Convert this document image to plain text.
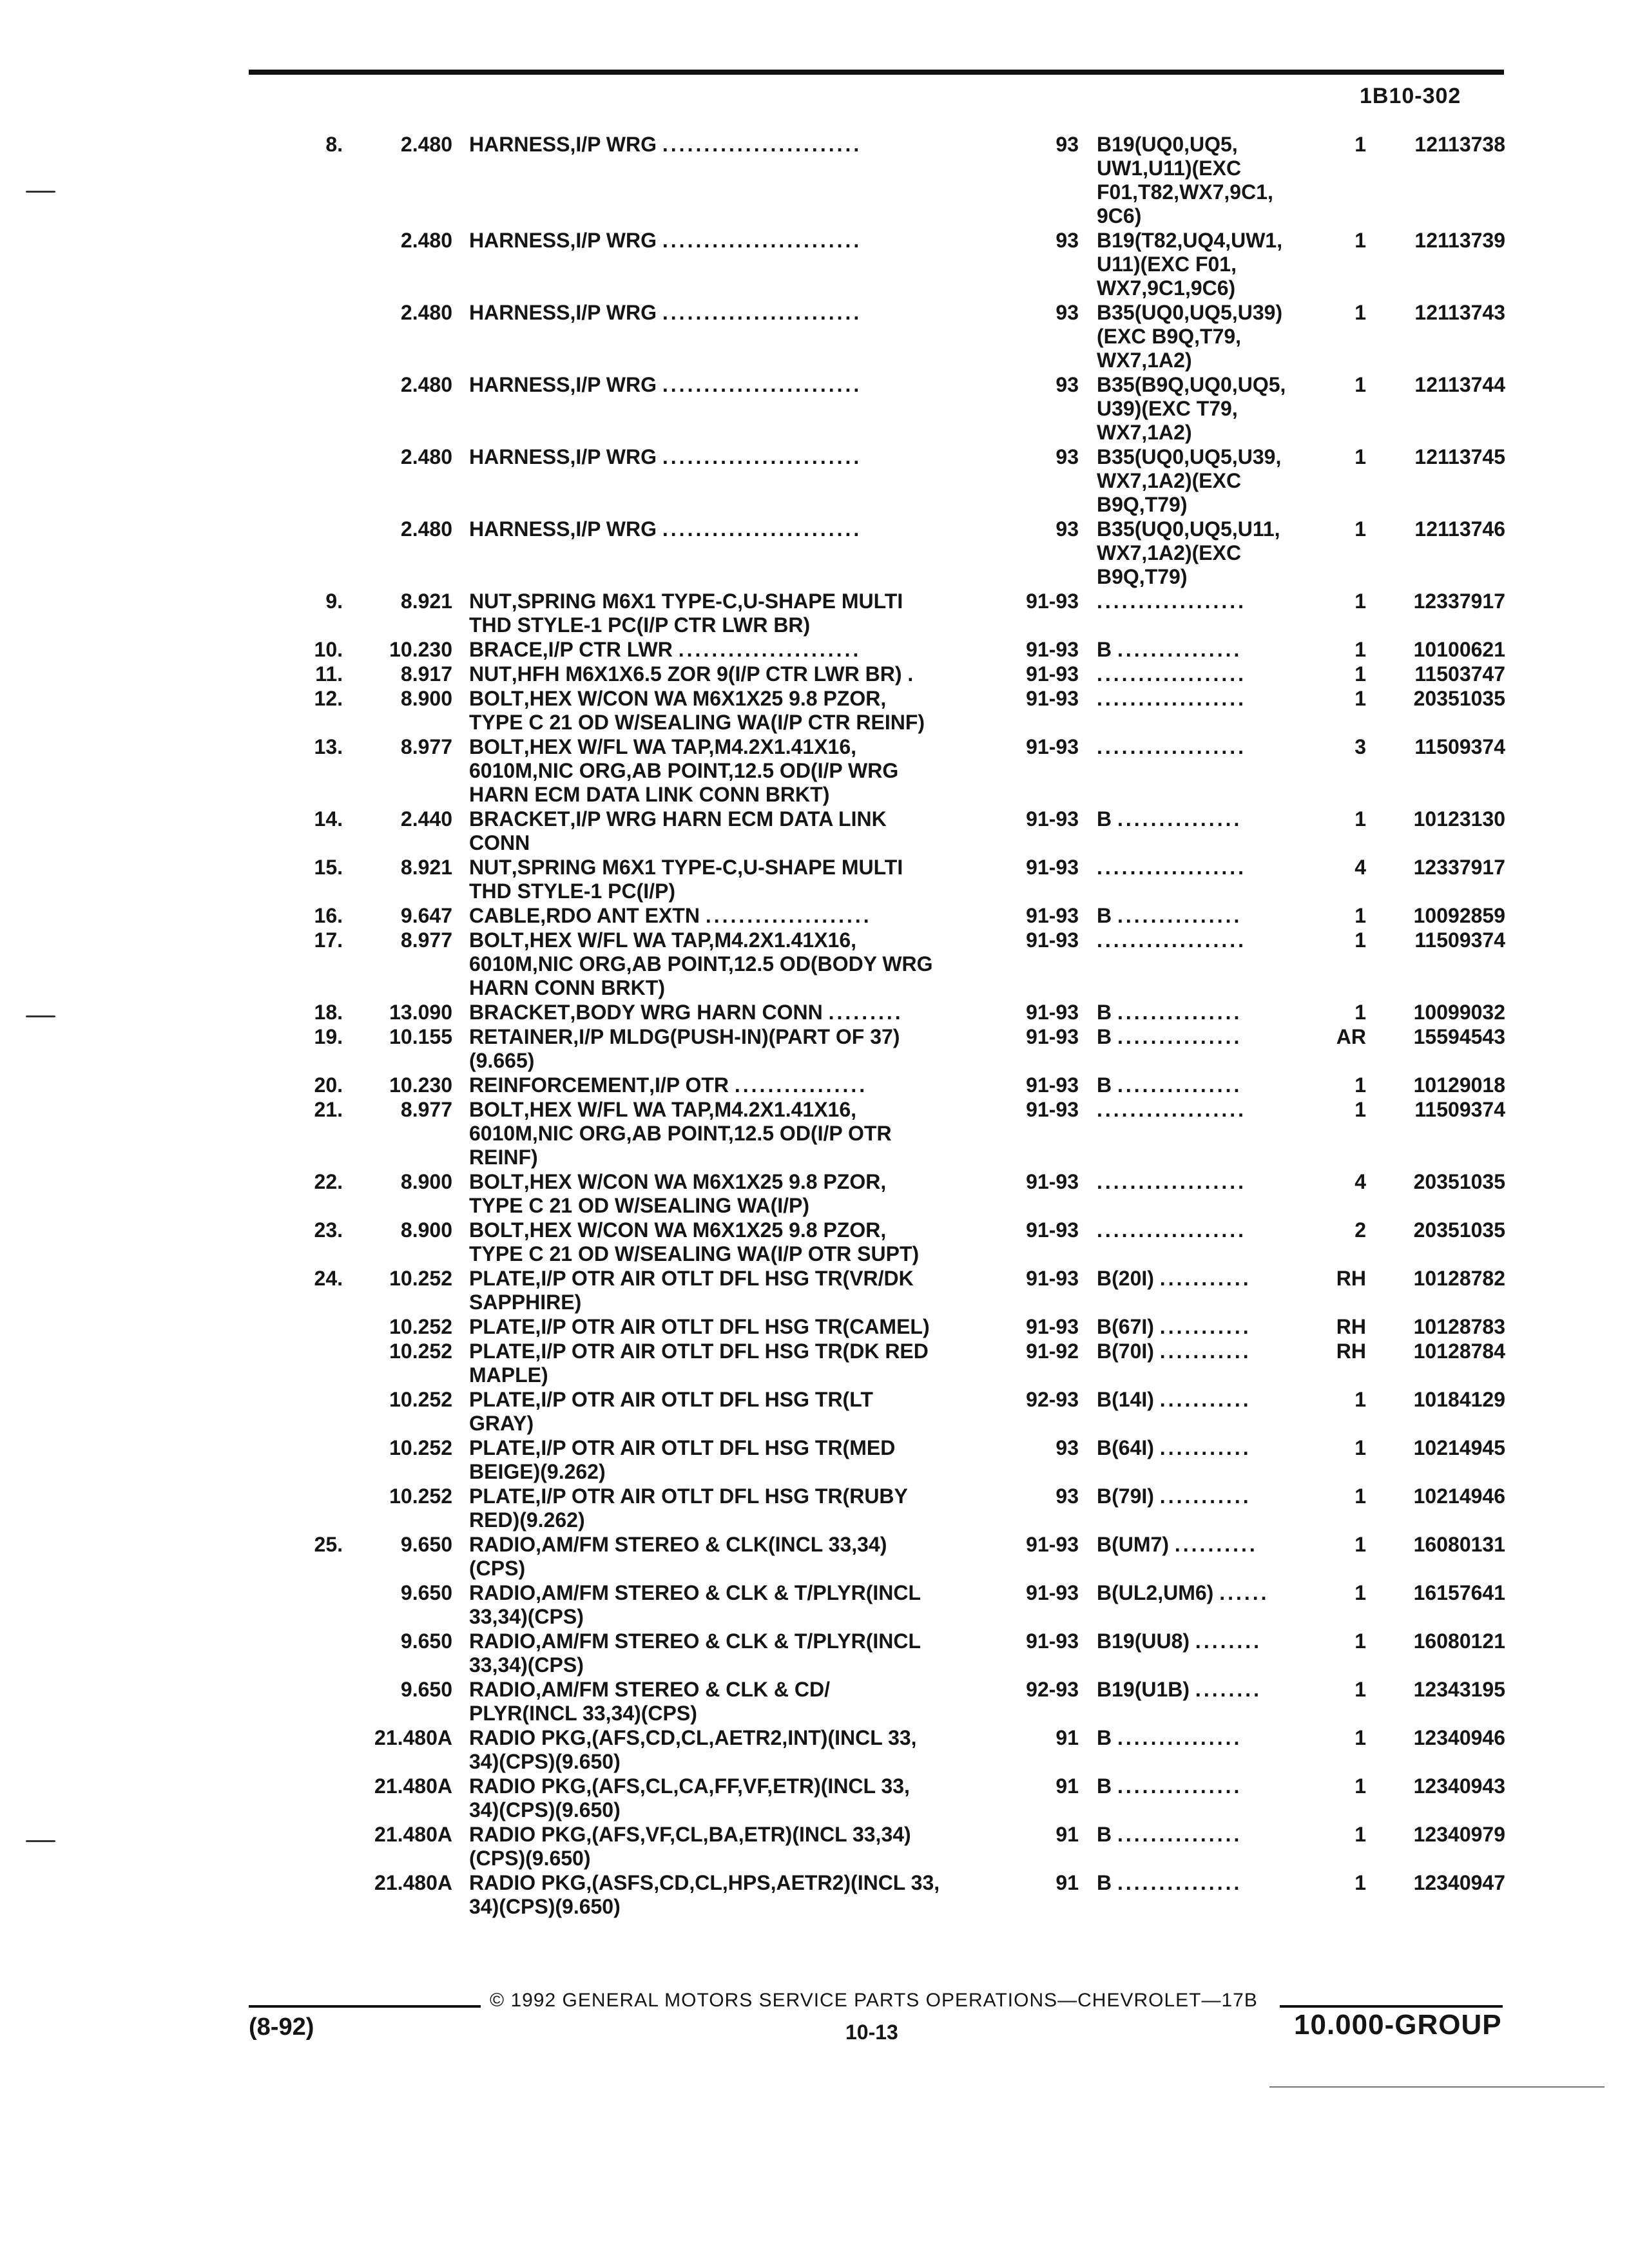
1B10-302
8.	2.480 HARNESS,I/P WRG ........................	93 B19(UQ0,UQ5,
UW1,U11)(EXC
F01,T82,WX7,9C1,
9C6)
1 12113738
2.480 HARNESS,I/P WRG ........................	93 B19(T82,UQ4,UW1,
U11)(EXC F01,
WX7,9C1,9C6)
1 12113739
2.480 HARNESS,I/P WRG ........................	93 B35(UQ0,UQ5,U39)
(EXC B9Q,T79,
WX7,1A2)
1 12113743
2.480 HARNESS,I/P WRG ........................	93 B35(B9Q,UQ0,UQ5,
U39)(EXC T79,
WX7,1A2)
1 12113744
2.480 HARNESS,I/P WRG ........................	93 B35(UQ0,UQ5,U39,
WX7,1A2)(EXC
B9Q,T79)
1 12113745
2.480 HARNESS,I/P WRG ........................	93 B35(UQ0,UQ5,U11,
WX7,1A2)(EXC
B9Q,T79)
1 12113746
9.	8.921 NUT,SPRING M6X1 TYPE-C,U-SHAPE MULTI
THD STYLE-1 PC(I/P CTR LWR BR)
91-93 ..................	1 12337917
10. 10.230 BRACE,I/P CTR LWR ......................	91-93 B ...............	1 10100621
11.	8.917 NUT,HFH M6X1X6.5 ZOR 9(I/P CTR LWR BR) .	91-93 ..................	1 11503747
12.	8.900 BOLT,HEX W/CON WA M6X1X25 9.8 PZOR,
TYPE C 21 OD W/SEALING WA(I/P CTR REINF)
91-93 ..................	1 20351035
13.	8.977 BOLT,HEX W/FL WA TAP,M4.2X1.41X16,
6010M,NIC ORG,AB POINT,12.5 OD(I/P WRG
HARN ECM DATA LINK CONN BRKT)
91-93 ..................	3 11509374
14.	2.440 BRACKET,I/P WRG HARN ECM DATA LINK
CONN
91-93 B ...............	1 10123130
15.	8.921 NUT,SPRING M6X1 TYPE-C,U-SHAPE MULTI
THD STYLE-1 PC(I/P)
91-93 ..................	4 12337917
16.	9.647 CABLE,RDO ANT EXTN ....................	91-93 B ...............	1 10092859
17.	8.977 BOLT,HEX W/FL WA TAP,M4.2X1.41X16,
6010M,NIC ORG,AB POINT,12.5 OD(BODY WRG
HARN CONN BRKT)
91-93 ..................	1 11509374
18. 13.090 BRACKET,BODY WRG HARN CONN .........	91-93 B ...............	1 10099032
19. 10.155 RETAINER,I/P MLDG(PUSH-IN)(PART OF 37)
(9.665)
91-93 B ...............	AR 15594543
20. 10.230 REINFORCEMENT,I/P OTR ................	91-93 B ...............	1 10129018
21.	8.977 BOLT,HEX W/FL WA TAP,M4.2X1.41X16,
6010M,NIC ORG,AB POINT,12.5 OD(I/P OTR
REINF)
91-93 ..................	1 11509374
22.	8.900 BOLT,HEX W/CON WA M6X1X25 9.8 PZOR,
TYPE C 21 OD W/SEALING WA(I/P)
91-93 ..................	4 20351035
23.	8.900 BOLT,HEX W/CON WA M6X1X25 9.8 PZOR,
TYPE C 21 OD W/SEALING WA(I/P OTR SUPT)
91-93 ..................	2 20351035
24. 10.252 PLATE,I/P OTR AIR OTLT DFL HSG TR(VR/DK
SAPPHIRE)
91-93 B(20I) ...........	RH 10128782
10.252 PLATE,I/P OTR AIR OTLT DFL HSG TR(CAMEL)	91-93 B(67I) ...........	RH 10128783
10.252 PLATE,I/P OTR AIR OTLT DFL HSG TR(DK RED
MAPLE)
91-92 B(70I) ...........	RH 10128784
10.252 PLATE,I/P OTR AIR OTLT DFL HSG TR(LT
GRAY)
92-93 B(14I) ...........	1 10184129
10.252 PLATE,I/P OTR AIR OTLT DFL HSG TR(MED
BEIGE)(9.262)
93 B(64I) ...........	1 10214945
10.252 PLATE,I/P OTR AIR OTLT DFL HSG TR(RUBY
RED)(9.262)
93 B(79I) ...........	1 10214946
25.	9.650 RADIO,AM/FM STEREO & CLK(INCL 33,34)
(CPS)
91-93 B(UM7) ..........	1 16080131
9.650 RADIO,AM/FM STEREO & CLK & T/PLYR(INCL
33,34)(CPS)
91-93 B(UL2,UM6) ......	1 16157641
9.650 RADIO,AM/FM STEREO & CLK & T/PLYR(INCL
33,34)(CPS)
91-93 B19(UU8) ........	1 16080121
9.650 RADIO,AM/FM STEREO & CLK & CD/
PLYR(INCL 33,34)(CPS)
92-93 B19(U1B) ........	1 12343195
21.480A RADIO PKG,(AFS,CD,CL,AETR2,INT)(INCL 33,
34)(CPS)(9.650)
91 B ...............	1 12340946
21.480A RADIO PKG,(AFS,CL,CA,FF,VF,ETR)(INCL 33,
34)(CPS)(9.650)
91 B ...............	1 12340943
21.480A RADIO PKG,(AFS,VF,CL,BA,ETR)(INCL 33,34)
(CPS)(9.650)
91 B ...............	1 12340979
21.480A RADIO PKG,(ASFS,CD,CL,HPS,AETR2)(INCL 33,
34)(CPS)(9.650)
91 B ...............	1 12340947
© 1992 GENERAL MOTORS SERVICE PARTS OPERATIONS—CHEVROLET—17B
(8-92)	10-13	10.000-GROUP
